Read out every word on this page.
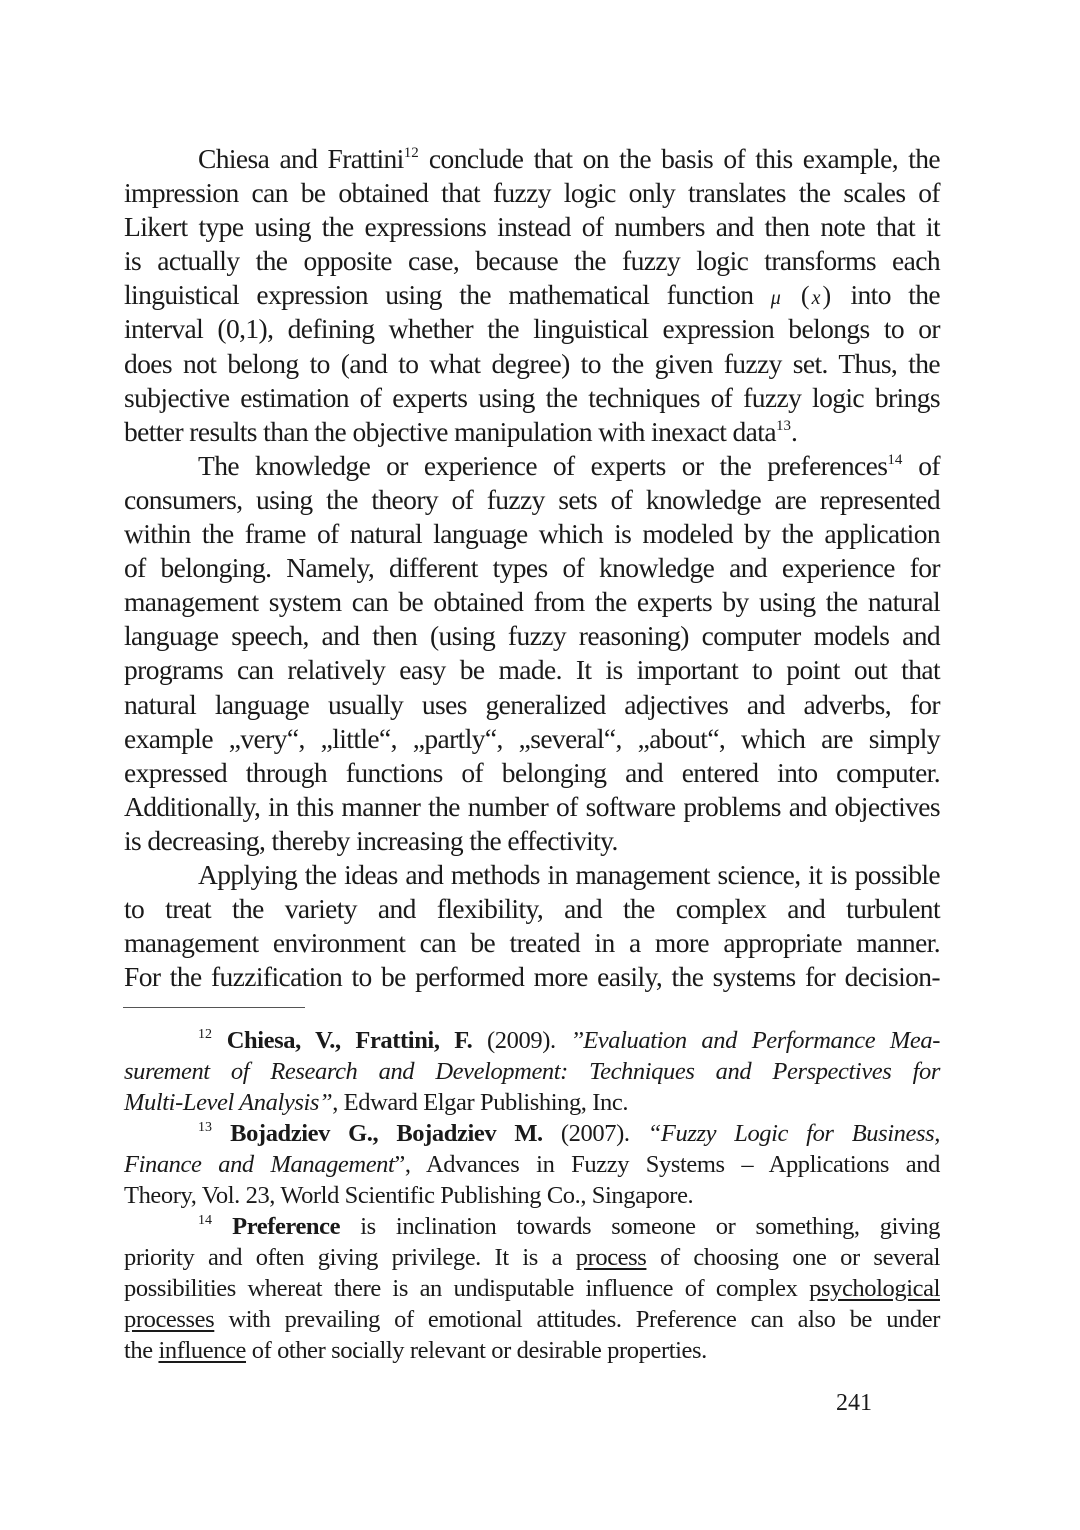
Chiesa and Frattini$^{12}$ conclude that on the basis of this example, the
impression can be obtained that fuzzy logic only translates the scales of
Likert type using the expressions instead of numbers and then note that it
is actually the opposite case, because the fuzzy logic transforms each
linguistical expression using the mathematical function μ (x) into the
interval (0,1), defining whether the linguistical expression belongs to or
does not belong to (and to what degree) to the given fuzzy set. Thus, the
subjective estimation of experts using the techniques of fuzzy logic brings
better results than the objective manipulation with inexact data$^{13}$.
The knowledge or experience of experts or the preferences$^{14}$ of
consumers, using the theory of fuzzy sets of knowledge are represented
within the frame of natural language which is modeled by the application
of belonging. Namely, different types of knowledge and experience for
management system can be obtained from the experts by using the natural
language speech, and then (using fuzzy reasoning) computer models and
programs can relatively easy be made. It is important to point out that
natural language usually uses generalized adjectives and adverbs, for
example „very“, „little“, „partly“, „several“, „about“, which are simply
expressed through functions of belonging and entered into computer.
Additionally, in this manner the number of software problems and objectives
is decreasing, thereby increasing the effectivity.
Applying the ideas and methods in management science, it is possible
to treat the variety and flexibility, and the complex and turbulent
management environment can be treated in a more appropriate manner.
For the fuzzification to be performed more easily, the systems for decision-
$^{12}$ Chiesa, V., Frattini, F. (2009). ’’Evaluation and Performance Mea-
surement of Research and Development: Techniques and Perspectives for
Multi-Level Analysis”, Edward Elgar Publishing, Inc.
$^{13}$ Bojadziev G., Bojadziev M. (2007). “Fuzzy Logic for Business,
Finance and Management”, Advances in Fuzzy Systems – Applications and
Theory, Vol. 23, World Scientific Publishing Co., Singapore.
$^{14}$ Preference is inclination towards someone or something, giving
priority and often giving privilege. It is a process of choosing one or several
possibilities whereat there is an undisputable influence of complex psychological
processes with prevailing of emotional attitudes. Preference can also be under
the influence of other socially relevant or desirable properties.
241
